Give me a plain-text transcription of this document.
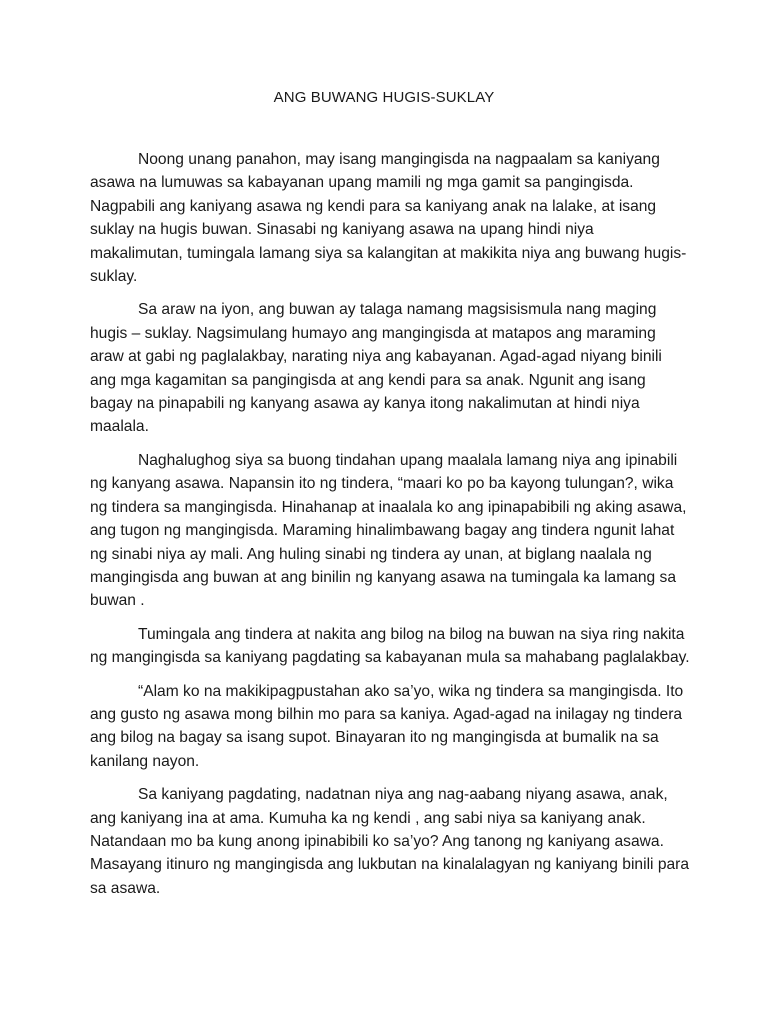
ANG BUWANG HUGIS-SUKLAY

Noong unang panahon, may isang mangingisda na nagpaalam sa kaniyang asawa na lumuwas sa kabayanan upang mamili ng mga gamit sa pangingisda. Nagpabili ang kaniyang asawa ng kendi para sa kaniyang anak na lalake, at isang suklay na hugis buwan. Sinasabi ng kaniyang asawa na upang hindi niya makalimutan, tumingala lamang siya sa kalangitan at makikita niya ang buwang hugis- suklay.

Sa araw na iyon, ang buwan ay talaga namang magsisismula nang maging hugis – suklay. Nagsimulang humayo ang mangingisda at matapos ang maraming araw at gabi ng paglalakbay, narating niya ang kabayanan. Agad-agad niyang binili ang mga kagamitan sa pangingisda at ang kendi para sa anak. Ngunit ang isang bagay na pinapabili ng kanyang asawa ay kanya itong nakalimutan at hindi niya maalala.

Naghalughog siya sa buong tindahan upang maalala lamang niya ang ipinabili ng kanyang asawa. Napansin ito ng tindera, “maari ko po ba kayong tulungan?, wika ng tindera sa mangingisda. Hinahanap at inaalala ko ang ipinapabibili ng aking asawa, ang tugon ng mangingisda. Maraming hinalimbawang bagay ang tindera ngunit lahat ng sinabi niya ay mali. Ang huling sinabi ng tindera ay unan, at biglang naalala ng mangingisda ang buwan at ang binilin ng kanyang asawa na tumingala ka lamang sa buwan .

Tumingala ang tindera at nakita ang bilog na bilog na buwan na siya ring nakita ng mangingisda sa kaniyang pagdating sa kabayanan mula sa mahabang paglalakbay.

“Alam ko na makikipagpustahan ako sa’yo, wika ng tindera sa mangingisda. Ito ang gusto ng asawa mong bilhin mo para sa kaniya. Agad-agad na inilagay ng tindera ang bilog na bagay sa isang supot. Binayaran ito ng mangingisda at bumalik na sa kanilang nayon.

Sa kaniyang pagdating, nadatnan niya ang nag-aabang niyang asawa, anak, ang kaniyang ina at ama. Kumuha ka ng kendi , ang sabi niya sa kaniyang anak. Natandaan mo ba kung anong ipinabibili ko sa’yo? Ang tanong ng kaniyang asawa. Masayang itinuro ng mangingisda ang lukbutan na kinalalagyan ng kaniyang binili para sa asawa.
